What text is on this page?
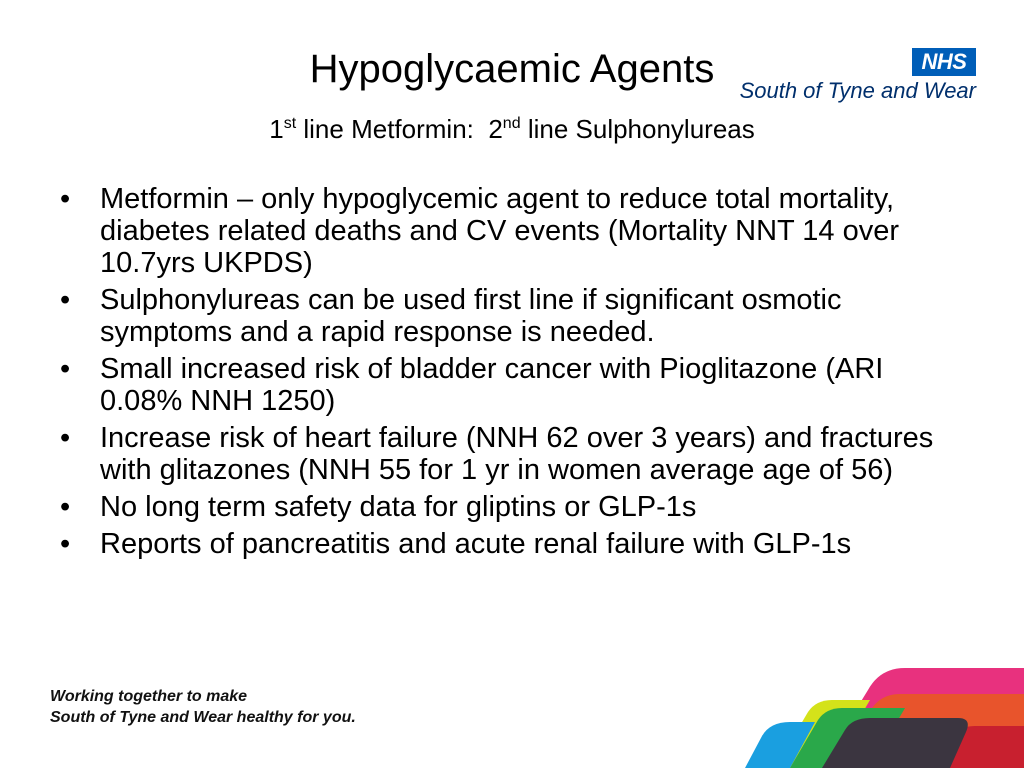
Hypoglycaemic Agents
1st line Metformin:  2nd line Sulphonylureas
NHS
South of Tyne and Wear
•	Metformin – only hypoglycemic agent to reduce total mortality, diabetes related deaths and CV events (Mortality NNT 14 over 10.7yrs UKPDS)
•	Sulphonylureas can be used first line if significant osmotic symptoms and a rapid response is needed.
•	Small increased risk of bladder cancer with Pioglitazone (ARI 0.08% NNH 1250)
•	Increase risk of heart failure (NNH 62 over 3 years) and fractures with glitazones (NNH 55 for 1 yr in women average age of 56)
•	No long term safety data for gliptins or GLP-1s
•	Reports of pancreatitis and acute renal failure with GLP-1s
Working together to make
South of Tyne and Wear healthy for you.
